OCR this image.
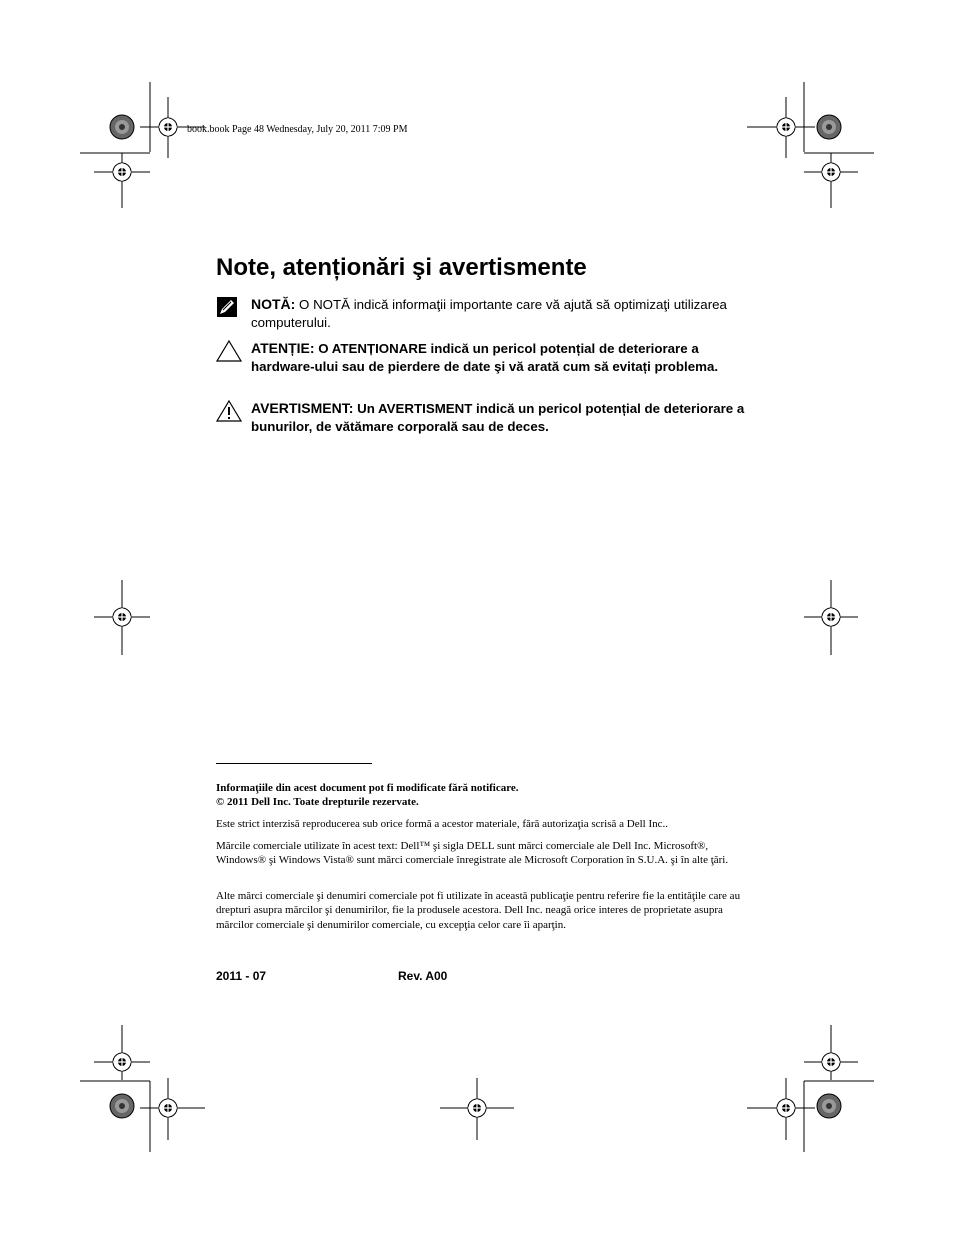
book.book Page 48 Wednesday, July 20, 2011 7:09 PM
Note, atenționări şi avertismente
NOTĂ: O NOTĂ indică informaţii importante care vă ajută să optimizaţi utilizarea computerului.
ATENȚIE: O ATENȚIONARE indică un pericol potențial de deteriorare a hardware-ului sau de pierdere de date şi vă arată cum să evitați problema.
AVERTISMENT: Un AVERTISMENT indică un pericol potențial de deteriorare a bunurilor, de vătămare corporală sau de deces.

Informaţiile din acest document pot fi modificate fără notificare.

© 2011 Dell Inc. Toate drepturile rezervate.

Este strict interzisă reproducerea sub orice formă a acestor materiale, fără autorizaţia scrisă a Dell Inc..
Mărcile comerciale utilizate în acest text: Dell™ şi sigla DELL sunt mărci comerciale ale Dell Inc. Microsoft®, Windows® şi Windows Vista® sunt mărci comerciale înregistrate ale Microsoft Corporation în S.U.A. şi în alte ţări.
Alte mărci comerciale şi denumiri comerciale pot fi utilizate în această publicaţie pentru referire fie la entităţile care au drepturi asupra mărcilor şi denumirilor, fie la produsele acestora. Dell Inc. neagă orice interes de proprietate asupra mărcilor comerciale şi denumirilor comerciale, cu excepţia celor care îi aparţin.
2011 - 07	Rev. A00
